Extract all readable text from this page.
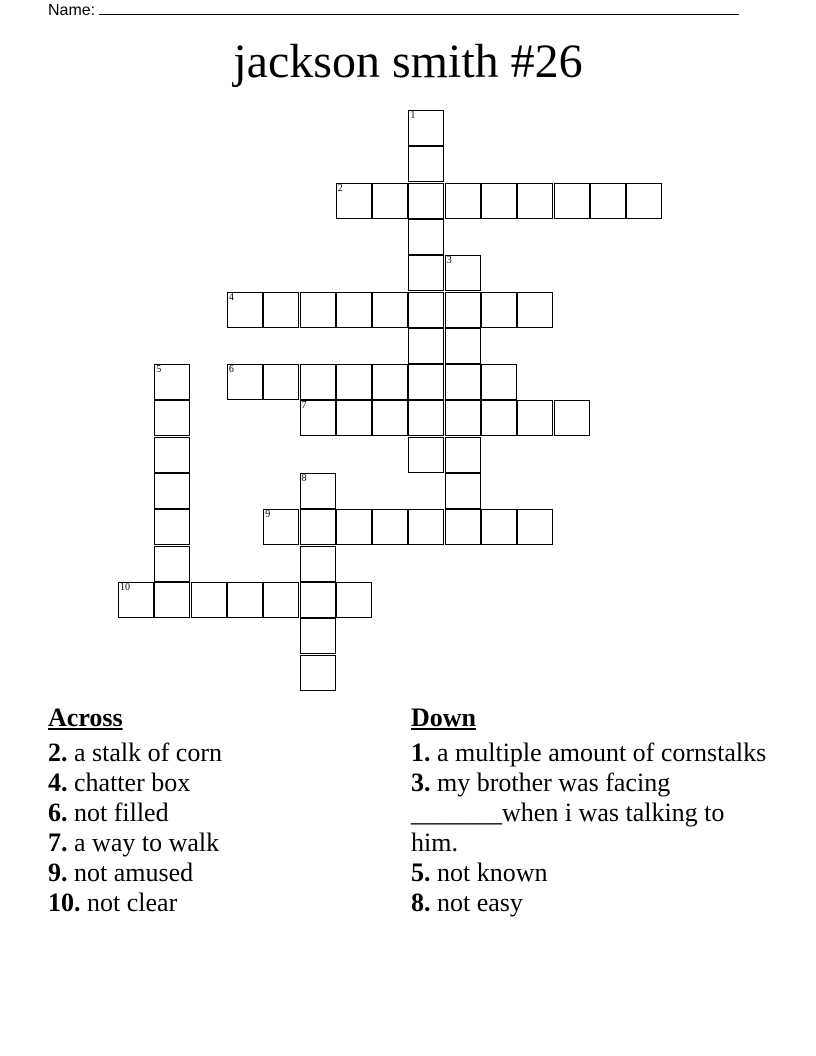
Name:
jackson smith #26
1
2
3
4
5	6
7
8
9
10
Across
2. a stalk of corn
4. chatter box
6. not filled
7. a way to walk
9. not amused
10. not clear
Down
1. a multiple amount of cornstalks
3. my brother was facing _______when i was talking to him.
5. not known
8. not easy
